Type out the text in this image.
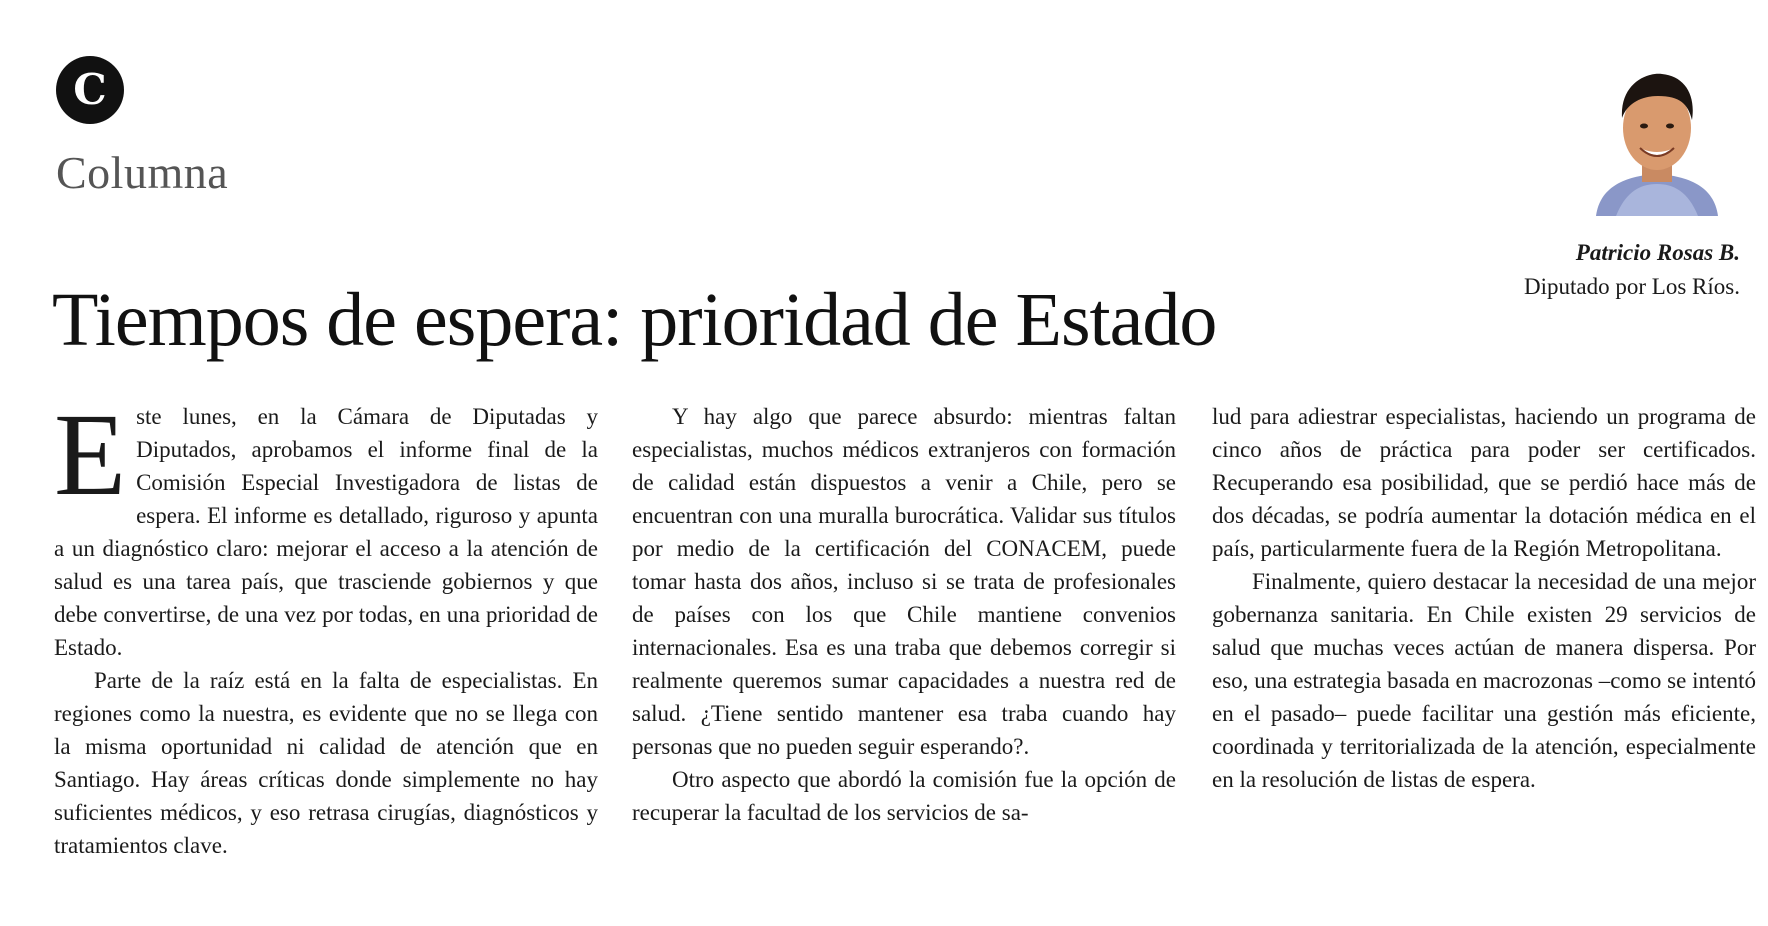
C
Columna
Patricio Rosas B.
Diputado por Los Ríos.
Tiempos de espera: prioridad de Estado

Este lunes, en la Cámara de Diputadas y Diputados, aprobamos el informe final de la Comisión Especial Investigadora de listas de espera. El informe es detallado, riguroso y apunta a un diagnóstico claro: mejorar el acceso a la atención de salud es una tarea país, que trasciende gobiernos y que debe convertirse, de una vez por todas, en una prioridad de Estado.

Parte de la raíz está en la falta de especialistas. En regiones como la nuestra, es evidente que no se llega con la misma oportunidad ni calidad de atención que en Santiago. Hay áreas críticas donde simplemente no hay suficientes médicos, y eso retrasa cirugías, diagnósticos y tratamientos clave.

Y hay algo que parece absurdo: mientras faltan especialistas, muchos médicos extranjeros con formación de calidad están dispuestos a venir a Chile, pero se encuentran con una muralla burocrática. Validar sus títulos por medio de la certificación del CONACEM, puede tomar hasta dos años, incluso si se trata de profesionales de países con los que Chile mantiene convenios internacionales. Esa es una traba que debemos corregir si realmente queremos sumar capacidades a nuestra red de salud. ¿Tiene sentido mantener esa traba cuando hay personas que no pueden seguir esperando?.

Otro aspecto que abordó la comisión fue la opción de recuperar la facultad de los servicios de sa-

lud para adiestrar especialistas, haciendo un programa de cinco años de práctica para poder ser certificados. Recuperando esa posibilidad, que se perdió hace más de dos décadas, se podría aumentar la dotación médica en el país, particularmente fuera de la Región Metropolitana.

Finalmente, quiero destacar la necesidad de una mejor gobernanza sanitaria. En Chile existen 29 servicios de salud que muchas veces actúan de manera dispersa. Por eso, una estrategia basada en macrozonas –como se intentó en el pasado– puede facilitar una gestión más eficiente, coordinada y territorializada de la atención, especialmente en la resolución de listas de espera.
